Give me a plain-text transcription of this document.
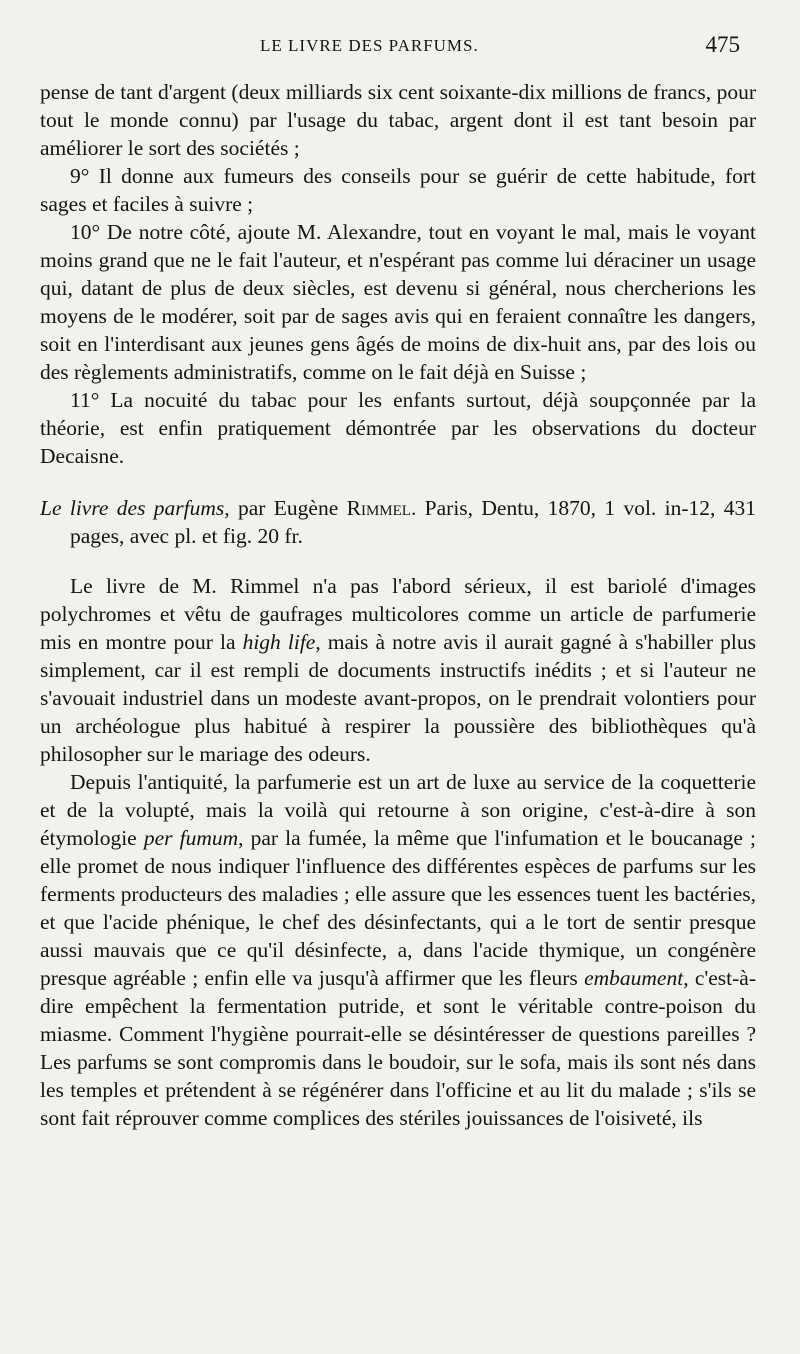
LE LIVRE DES PARFUMS.	475

pense de tant d'argent (deux milliards six cent soixante-dix millions de francs, pour tout le monde connu) par l'usage du tabac, argent dont il est tant besoin par améliorer le sort des sociétés ;

9° Il donne aux fumeurs des conseils pour se guérir de cette habitude, fort sages et faciles à suivre ;

10° De notre côté, ajoute M. Alexandre, tout en voyant le mal, mais le voyant moins grand que ne le fait l'auteur, et n'espérant pas comme lui déraciner un usage qui, datant de plus de deux siècles, est devenu si général, nous chercherions les moyens de le modérer, soit par de sages avis qui en feraient connaître les dangers, soit en l'interdisant aux jeunes gens âgés de moins de dix-huit ans, par des lois ou des règlements administratifs, comme on le fait déjà en Suisse ;

11° La nocuité du tabac pour les enfants surtout, déjà soupçonnée par la théorie, est enfin pratiquement démontrée par les observations du docteur Decaisne.

Le livre des parfums, par Eugène Rimmel. Paris, Dentu, 1870, 1 vol. in-12, 431 pages, avec pl. et fig. 20 fr.

Le livre de M. Rimmel n'a pas l'abord sérieux, il est bariolé d'images polychromes et vêtu de gaufrages multicolores comme un article de parfumerie mis en montre pour la high life, mais à notre avis il aurait gagné à s'habiller plus simplement, car il est rempli de documents instructifs inédits ; et si l'auteur ne s'avouait industriel dans un modeste avant-propos, on le prendrait volontiers pour un archéologue plus habitué à respirer la poussière des bibliothèques qu'à philosopher sur le mariage des odeurs.

Depuis l'antiquité, la parfumerie est un art de luxe au service de la coquetterie et de la volupté, mais la voilà qui retourne à son origine, c'est-à-dire à son étymologie per fumum, par la fumée, la même que l'infumation et le boucanage ; elle promet de nous indiquer l'influence des différentes espèces de parfums sur les ferments producteurs des maladies ; elle assure que les essences tuent les bactéries, et que l'acide phénique, le chef des désinfectants, qui a le tort de sentir presque aussi mauvais que ce qu'il désinfecte, a, dans l'acide thymique, un congénère presque agréable ; enfin elle va jusqu'à affirmer que les fleurs embaument, c'est-à-dire empêchent la fermentation putride, et sont le véritable contre-poison du miasme. Comment l'hygiène pourrait-elle se désintéresser de questions pareilles ? Les parfums se sont compromis dans le boudoir, sur le sofa, mais ils sont nés dans les temples et prétendent à se régénérer dans l'officine et au lit du malade ; s'ils se sont fait réprouver comme complices des stériles jouissances de l'oisiveté, ils
